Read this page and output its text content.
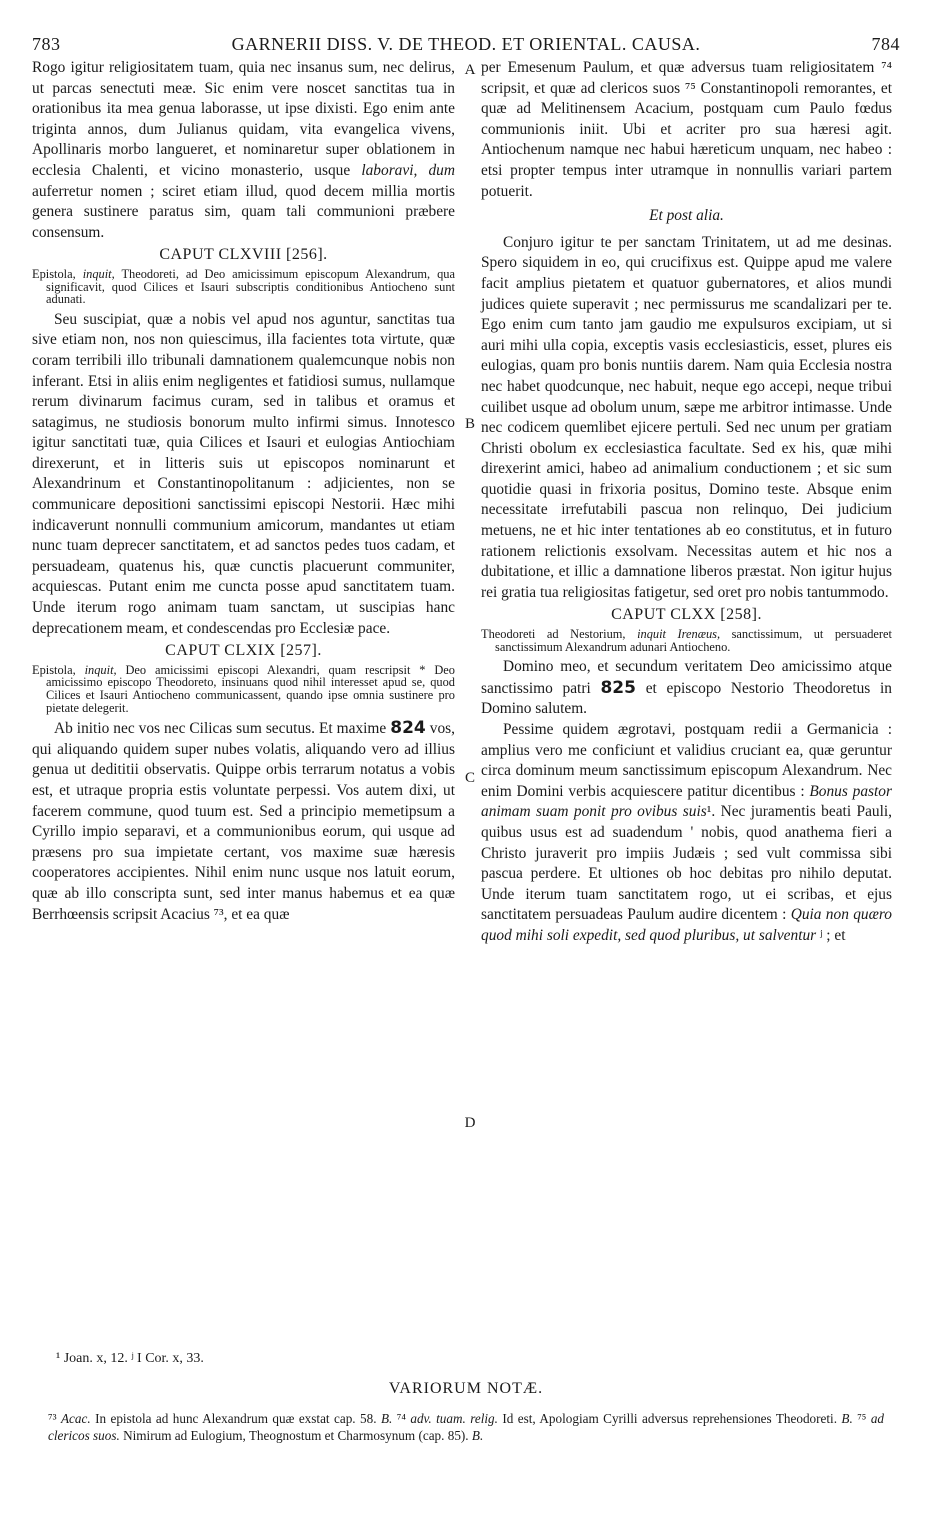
783	GARNERII DISS. V. DE THEOD. ET ORIENTAL. CAUSA.	784

Rogo igitur religiositatem tuam, quia nec insanus sum, nec delirus, ut parcas senectuti meæ. Sic enim vere noscet sanctitas tua in orationibus ita mea genua laborasse, ut ipse dixisti. Ego enim ante triginta annos, dum Julianus quidam, vita evangelica vivens, Apollinaris morbo langueret, et nominaretur super oblationem in ecclesia Chalenti, et vicino monasterio, usque laboravi, dum auferretur nomen ; sciret etiam illud, quod decem millia mortis genera sustinere paratus sim, quam tali communioni præbere consensum.

CAPUT CLXVIII [256].

Epistola, inquit, Theodoreti, ad Deo amicissimum episcopum Alexandrum, qua significavit, quod Cilices et Isauri subscriptis conditionibus Antiocheno sunt adunati.

Seu suscipiat, quæ a nobis vel apud nos aguntur, sanctitas tua sive etiam non, nos non quiescimus, illa facientes tota virtute, quæ coram terribili illo tribunali damnationem qualemcunque nobis non inferant. Etsi in aliis enim negligentes et fatidiosi sumus, nullamque rerum divinarum facimus curam, sed in talibus et oramus et satagimus, ne studiosis bonorum multo infirmi simus. Innotesco igitur sanctitati tuæ, quia Cilices et Isauri et eulogias Antiochiam direxerunt, et in litteris suis ut episcopos nominarunt et Alexandrinum et Constantinopolitanum : adjicientes, non se communicare depositioni sanctissimi episcopi Nestorii. Hæc mihi indicaverunt nonnulli communium amicorum, mandantes ut etiam nunc tuam deprecer sanctitatem, et ad sanctos pedes tuos cadam, et persuadeam, quatenus his, quæ cunctis placuerunt communiter, acquiescas. Putant enim me cuncta posse apud sanctitatem tuam. Unde iterum rogo animam tuam sanctam, ut suscipias hanc deprecationem meam, et condescendas pro Ecclesiæ pace.

CAPUT CLXIX [257].

Epistola, inquit, Deo amicissimi episcopi Alexandri, quam rescripsit * Deo amicissimo episcopo Theodoreto, insinuans quod nihil interesset apud se, quod Cilices et Isauri Antiocheno communicassent, quando ipse omnia sustinere pro pietate delegerit.

Ab initio nec vos nec Cilicas sum secutus. Et maxime 824 vos, qui aliquando quidem super nubes volatis, aliquando vero ad illius genua ut dedititii observatis. Quippe orbis terrarum notatus a vobis est, et utraque propria estis voluntate perpessi. Vos autem dixi, ut facerem commune, quod tuum est. Sed a principio memetipsum a Cyrillo impio separavi, et a communionibus eorum, qui usque ad præsens pro sua impietate certant, vos maxime suæ hæresis cooperatores accipientes. Nihil enim nunc usque nos latuit eorum, quæ ab illo conscripta sunt, sed inter manus habemus et ea quæ Berrhœensis scripsit Acacius ⁷³, et ea quæ

A
B
C
D

per Emesenum Paulum, et quæ adversus tuam religiositatem ⁷⁴ scripsit, et quæ ad clericos suos ⁷⁵ Constantinopoli remorantes, et quæ ad Melitinensem Acacium, postquam cum Paulo fœdus communionis iniit. Ubi et acriter pro sua hæresi agit. Antiochenum namque nec habui hæreticum unquam, nec habeo : etsi propter tempus inter utramque in nonnullis variari partem potuerit.

Et post alia.

Conjuro igitur te per sanctam Trinitatem, ut ad me desinas. Spero siquidem in eo, qui crucifixus est. Quippe apud me valere facit amplius pietatem et quatuor gubernatores, et alios mundi judices quiete superavit ; nec permissurus me scandalizari per te. Ego enim cum tanto jam gaudio me expulsuros excipiam, ut si auri mihi ulla copia, exceptis vasis ecclesiasticis, esset, plures eis eulogias, quam pro bonis nuntiis darem. Nam quia Ecclesia nostra nec habet quodcunque, nec habuit, neque ego accepi, neque tribui cuilibet usque ad obolum unum, sæpe me arbitror intimasse. Unde nec codicem quemlibet ejicere pertuli. Sed nec unum per gratiam Christi obolum ex ecclesiastica facultate. Sed ex his, quæ mihi direxerint amici, habeo ad animalium conductionem ; et sic sum quotidie quasi in frixoria positus, Domino teste. Absque enim necessitate irrefutabili pascua non relinquo, Dei judicium metuens, ne et hic inter tentationes ab eo constitutus, et in futuro rationem relictionis exsolvam. Necessitas autem et hic nos a dubitatione, et illic a damnatione liberos præstat. Non igitur hujus rei gratia tua religiositas fatigetur, sed oret pro nobis tantummodo.

CAPUT CLXX [258].

Theodoreti ad Nestorium, inquit Irenæus, sanctissimum, ut persuaderet sanctissimum Alexandrum adunari Antiocheno.

Domino meo, et secundum veritatem Deo amicissimo atque sanctissimo patri 825 et episcopo Nestorio Theodoretus in Domino salutem.

Pessime quidem ægrotavi, postquam redii a Germanicia : amplius vero me conficiunt et validius cruciant ea, quæ geruntur circa dominum meum sanctissimum episcopum Alexandrum. Nec enim Domini verbis acquiescere patitur dicentibus : Bonus pastor animam suam ponit pro ovibus suis¹. Nec juramentis beati Pauli, quibus usus est ad suadendum ' nobis, quod anathema fieri a Christo juraverit pro impiis Judæis ; sed vult commissa sibi pascua perdere. Et ultiones ob hoc debitas pro nihilo deputat. Unde iterum tuam sanctitatem rogo, ut ei scribas, et ejus sanctitatem persuadeas Paulum audire dicentem : Quia non quæro quod mihi soli expedit, sed quod pluribus, ut salventur ʲ ; et

¹ Joan. x, 12. ʲ I Cor. x, 33.
VARIORUM NOTÆ.
⁷³ Acac. In epistola ad hunc Alexandrum quæ exstat cap. 58. B. ⁷⁴ adv. tuam. relig. Id est, Apologiam Cyrilli adversus reprehensiones Theodoreti. B. ⁷⁵ ad clericos suos. Nimirum ad Eulogium, Theognostum et Charmosynum (cap. 85). B.
